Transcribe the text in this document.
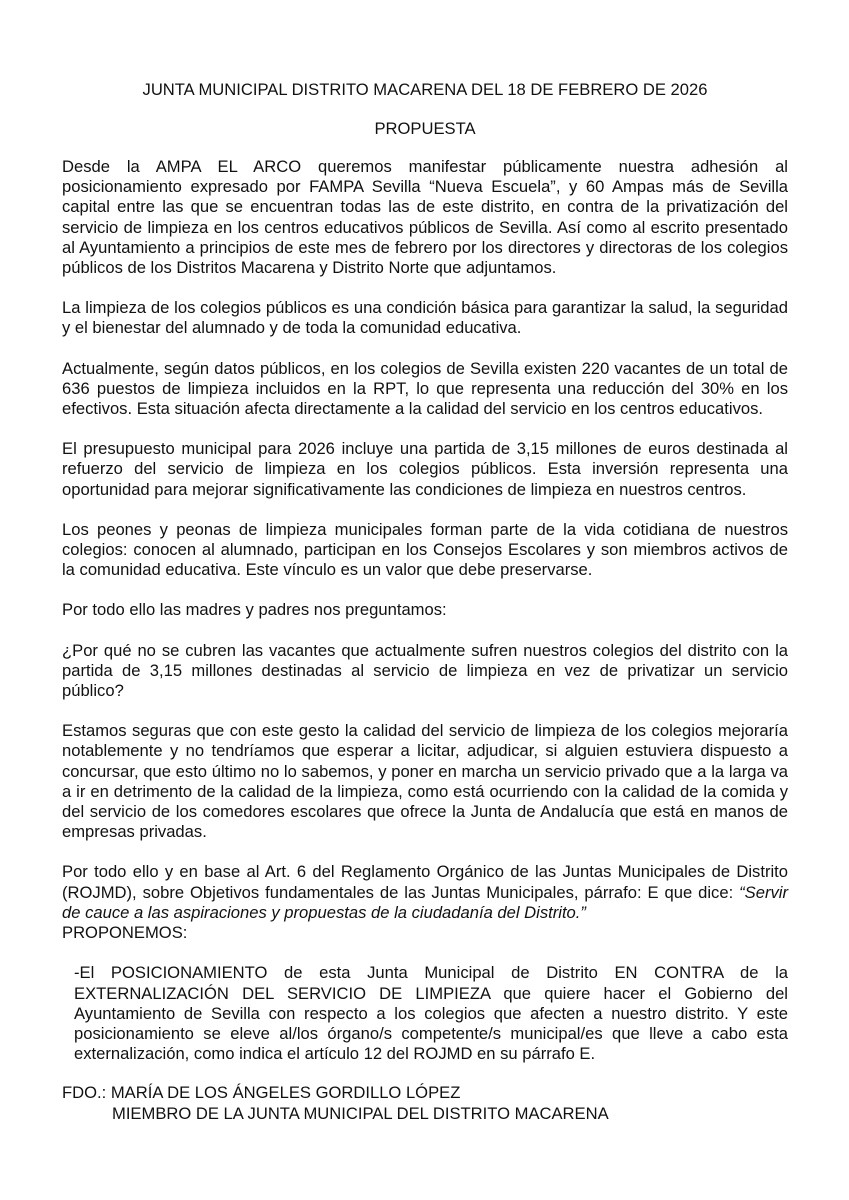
JUNTA MUNICIPAL DISTRITO MACARENA DEL 18 DE FEBRERO DE 2026
PROPUESTA

Desde la AMPA EL ARCO queremos manifestar públicamente nuestra adhesión al posicionamiento expresado por FAMPA Sevilla “Nueva Escuela”, y 60 Ampas más de Sevilla capital entre las que se encuentran todas las de este distrito, en contra de la privatización del servicio de limpieza en los centros educativos públicos de Sevilla. Así como al escrito presentado al Ayuntamiento a principios de este mes de febrero por los directores y directoras de los colegios públicos de los Distritos Macarena y Distrito Norte que adjuntamos.

La limpieza de los colegios públicos es una condición básica para garantizar la salud, la seguridad y el bienestar del alumnado y de toda la comunidad educativa.

Actualmente, según datos públicos, en los colegios de Sevilla existen 220 vacantes de un total de 636 puestos de limpieza incluidos en la RPT, lo que representa una reducción del 30% en los efectivos. Esta situación afecta directamente a la calidad del servicio en los centros educativos.

El presupuesto municipal para 2026 incluye una partida de 3,15 millones de euros destinada al refuerzo del servicio de limpieza en los colegios públicos. Esta inversión representa una oportunidad para mejorar significativamente las condiciones de limpieza en nuestros centros.

Los peones y peonas de limpieza municipales forman parte de la vida cotidiana de nuestros colegios: conocen al alumnado, participan en los Consejos Escolares y son miembros activos de la comunidad educativa. Este vínculo es un valor que debe preservarse.

Por todo ello las madres y padres nos preguntamos:

¿Por qué no se cubren las vacantes que actualmente sufren nuestros colegios del distrito con la partida de 3,15 millones destinadas al servicio de limpieza en vez de privatizar un servicio público?

Estamos seguras que con este gesto la calidad del servicio de limpieza de los colegios mejoraría notablemente y no tendríamos que esperar a licitar, adjudicar, si alguien estuviera dispuesto a concursar, que esto último no lo sabemos, y poner en marcha un servicio privado que a la larga va a ir en detrimento de la calidad de la limpieza, como está ocurriendo con la calidad de la comida y del servicio de los comedores escolares que ofrece la Junta de Andalucía que está en manos de empresas privadas.

Por todo ello y en base al Art. 6 del Reglamento Orgánico de las Juntas Municipales de Distrito (ROJMD), sobre Objetivos fundamentales de las Juntas Municipales, párrafo: E que dice: “Servir de cauce a las aspiraciones y propuestas de la ciudadanía del Distrito.”
PROPONEMOS:

-El POSICIONAMIENTO de esta Junta Municipal de Distrito EN CONTRA de la EXTERNALIZACIÓN DEL SERVICIO DE LIMPIEZA que quiere hacer el Gobierno del Ayuntamiento de Sevilla con respecto a los colegios que afecten a nuestro distrito. Y este posicionamiento se eleve al/los órgano/s competente/s municipal/es que lleve a cabo esta externalización, como indica el artículo 12 del ROJMD en su párrafo E.

FDO.: MARÍA DE LOS ÁNGELES GORDILLO LÓPEZ
MIEMBRO DE LA JUNTA MUNICIPAL DEL DISTRITO MACARENA
